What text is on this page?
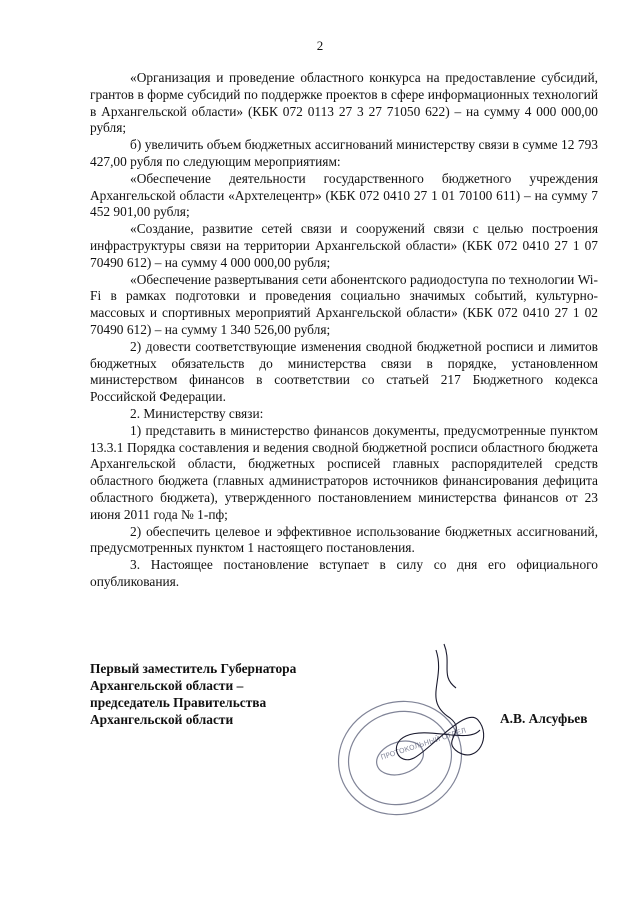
2

«Организация и проведение областного конкурса на предоставление субсидий, грантов в форме субсидий по поддержке проектов в сфере информационных технологий в Архангельской области» (КБК 072 0113 27 3 27 71050 622) – на сумму 4 000 000,00 рубля;

б) увеличить объем бюджетных ассигнований министерству связи в сумме 12 793 427,00 рубля по следующим мероприятиям:

«Обеспечение деятельности государственного бюджетного учреждения Архангельской области «Архтелецентр» (КБК 072 0410 27 1 01 70100 611) – на сумму 7 452 901,00 рубля;

«Создание, развитие сетей связи и сооружений связи с целью построения инфраструктуры связи на территории Архангельской области» (КБК 072 0410 27 1 07 70490 612) – на сумму 4 000 000,00 рубля;

«Обеспечение развертывания сети абонентского радиодоступа по технологии Wi-Fi в рамках подготовки и проведения социально значимых событий, культурно-массовых и спортивных мероприятий Архангельской области» (КБК 072 0410 27 1 02 70490 612) – на сумму 1 340 526,00 рубля;

2) довести соответствующие изменения сводной бюджетной росписи и лимитов бюджетных обязательств до министерства связи в порядке, установленном министерством финансов в соответствии со статьей 217 Бюджетного кодекса Российской Федерации.

2. Министерству связи:

1) представить в министерство финансов документы, предусмотренные пунктом 13.3.1 Порядка составления и ведения сводной бюджетной росписи областного бюджета Архангельской области, бюджетных росписей главных распорядителей средств областного бюджета (главных администраторов источников финансирования дефицита областного бюджета), утвержденного постановлением министерства финансов от 23 июня 2011 года № 1-пф;

2) обеспечить целевое и эффективное использование бюджетных ассигнований, предусмотренных пунктом 1 настоящего постановления.

3. Настоящее постановление вступает в силу со дня его официального опубликования.

ПРОТОКОЛЬНЫЙ ОТДЕЛ
Первый заместитель Губернатора
Архангельской области –
председатель Правительства
Архангельской области	А.В. Алсуфьев
